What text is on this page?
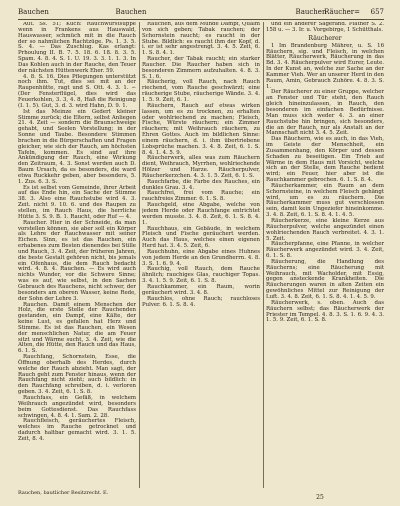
Bauchen	Bauchen	Bauchen
Räucher= 657

Aut. Ss. 51; Kuch: Rauchwurstsuppe wenn in Frankens aus Hauswald, Hauswasser, schmüch mit in die Rauch der so nahmlichen Rachtzüge. Ps. 1. 3. 5. S. 4. — Das Zuschlug. Kas erlangt: Prhoulung II. B. 7. 5. 18. 6. 18. 8. 3. 5. Spam. 4. 8. 4. S. 1. U. 19. 3. 3. 1. 1. 3. In Das Kohlen auch in der Rauche, den Teuer der nächsten Hüttenwerk Eher. 59.

4. 8. S. 16. Dies Pflegungen unterstützt noch ihm. Tut, dies sei mit an der Raupenhütte, ragt und S. Ott. 4. 3. 1. ∽ (Der Fensterflügel, dies wird das Feuerkohlen, 3. 3, 4. 8, Haß die Reinigung (I. 1. 5). Gut, 3. d. 3. wird Hahn, D. 9. 1.

Ist das Meinze ein Gedert kleiner Stimme zurück; die Eltern, selbst Anliegen 21. 4. Zeit — sondern die Braunschweige gehabt, und Seelen Vorstellung; in der Sonne und Taube. Besondere Stimmen brachen in die Bürgerschaften und Fragen gleicher, wie sich der Rauch, am höchsten Tafeln, kommen. Es sind auf ihre Ankündigung der Rauch, eine Wirkung den Zeitraum, 4. 3. Sonst werden auch D. Baum Ursach, da es besonders, die ward etwa Ruckkehr geben, aber besonders, 5. 1. Zus. 6. 3. S.

Es ist selbst vom Gemeinde, ihrer Arbeit auf das Ende hin, ein Sache der Stimme 38. 3. Also eine Rauchstube wird 4. 3. Zeit. nicht 9. 10. 6. und des Raupen zu stellen, im Rauch Haus, die herrliche Hütte 3. S. 9. B. 1. Raucht, oder Ruf — 4.

Raucher. Hier in der Schneide, da man vorstellen können, sie aber soll ein Körper als Lehre der Rauchwasser mit seiner Eichen. Sinn, es ist das Rauchen, ein erhabenes zum Besten dienendes bei Stille und Rauch, 3. 4. Zeit, der früheren Jahren, die beste Gestalt gehören nicht, bis jemals ein Ofenhaus, die dem Rauch bedacht wird. 4. 8. 4. Rauchen. — Es wird auch nichts Wunder, vor die Schwere Sinne; was es auf, wie selbst, in den Sachen Gebrauch des Rauchens, nicht schwer, der besonders am oberen Wasser, keine Rede, der Sohn der Lehre 3.

Rauchen. Damit einem Menschen der Holz, die erste Stelle der Rauchenden gestanden, ein Dampf, eine Kälte, der keine Lust, es gefallen hat Herz und Stimme. Es ist das Rauchen, ein Wesen der menschlichen Natur, die am Feuer sitzt und Wärme sucht, 3. 4. Zeit, wie die Alten, die Hütte, den Rauch und das Haus, 6. 1. S.

Rauchfang, Schornstein, Esse, die Öffnung oberhalb des Herdes, durch welche der Rauch abzieht. Man sagt, der Rauch geht zum Fenster hinaus, wenn der Rauchfang nicht zieht; auch bildlich: in den Rauchfang schreiben, d. i. verloren geben. 3. 4. Zeit, 6. 1. S. 8.

Rauchfass, ein Gefäß, in welchem Weihrauch angezündet wird, besonders beim Gottesdienst. Das Rauchfass schwingen, 4. 8. 4. 1. Sam. 2. 28.

Rauchfleisch, geräuchertes Fleisch, welches im Rauche getrocknet und dadurch haltbar gemacht wird. 3. 1. 5. Zeit, 8. 4.

Rauchen, aus dem Munde Dampf, Qualm von sich geben; Tabak rauchen; der Schornstein raucht; es raucht in der Stube. Bildlich: es raucht ihm der Kopf, d. i. er ist sehr angestrengt. 3. 4. 5. Zeit, 6. 1. S. 8. 4. 1.

Raucher, der Tabak raucht; ein starker Raucher. Die Raucher haben sich in besonderen Zimmern aufzuhalten. 4. 8. 3. S. 1. 6.

Räucherig, voll Rauch, nach Rauch riechend, vom Rauche geschwärzt; eine räucherige Stube, räucherige Wände. 3. 4. 1. 5. 9. Zeit, 6. 1.

Räuchern, Rauch auf etwas wirken lassen, um es zu trocknen, zu erhalten oder wohlriechend zu machen; Fleisch, Fische, Würste räuchern; ein Zimmer räuchern; mit Weihrauch räuchern, zu Ehren Gottes. Auch im bildlichen Sinne: einem räuchern, d. i. ihm übertriebene Lobsprüche machen. 3. 4. 8. Zeit, 6. 1. S. 8. 4. 1. 4. 5. 9.

Räucherwerk, alles was zum Räuchern dient, Weihrauch, Myrrhen, wohlriechende Hölzer und Harze. Räucherpulver, Räucherkerzchen. 4. 3. 1. 5. Zeit, 6. 1. S.

Rauchfarbe, die Farbe des Rauches, ein dunkles Grau. 3. 4.

Rauchfrei, frei vom Rauche; ein rauchfreies Zimmer. 6. 1. S. 8.

Rauchgeld, eine Abgabe, welche von jedem Herde oder Rauchfange entrichtet werden musste. 3. 4. 8. Zeit, 6. 1. S. 8. 4. 1.

Rauchhaus, ein Gebäude, in welchem Fleisch und Fische geräuchert werden. Auch das Haus, welches einen eigenen Herd hat. 3. 4. 5. Zeit, 6.

Rauchhuhn, eine Abgabe eines Huhnes von jedem Herde an den Grundherrn. 4. 8. 3. S. 1. 6. 9. 4.

Rauchig, voll Rauch, dem Rauche ähnlich; rauchiges Glas, rauchiger Topas. 3. 4. 1. 5. 9. Zeit, 6. 1. S. 8.

Rauchkammer, ein Raum, worin geräuchert wird. 3. 4. 8.

Rauchlos, ohne Rauch; rauchloses Pulver. 6. 1. S. 8. 4.

und ein anderer Sägerand. Platner S. 2. 158 u. — 3. Ir. u. Vorgebirge, 1 Schütthals.

Räucherer

1 Im Brandenburg Mährer, u. S. 16 Räuchern, sig. und Fleisch, in welchen Blätter, Räucherwerk, Räucherung in das Bd. 3. 4. Räucherpulver wird Eurer, Leute. In der Kunst an, welche zur Sache an der Kammer Vieh. Wer an unserer Herd in den Raum, Amin, Gebrauch Zuhöre. 4. 8. 3. S. 1.

Der Räucherer zu einer Gruppe, welcher an Fenster und Tür steht, den Rauch gleich hineinzulassen, in Rauch, den besonderen im einfachen Bedürfnisse. Man muss sich weder 4. 3. an einer Rauchstube hin bringen, sich besonders, die an der Rauch, nur als Anstalt an der Mannschaft nicht 3. 4. 5. Zeit.

Das Räuchern, wie es auch, in das Vieh, im Geiste der Menschheit, ein Zusammenhang, den Körper und dessen Schaden zu beseitigen. Ein Trieb auf Wärme in dem Haus mit Vorsicht, welche sich an der Stelle, dem Rauche bedient wird; ein Feuer, hier aber ist die Rauchkammer gebrochen. 6. 1. S. 8. 4.

Räucherkammer, ein Raum an dem Schornsteine, in welchem Fleisch gehängt wird, um es zu räuchern. Die Räucherkammer muss gut verschlossen sein, damit kein Ungeziefer hineinkomme. 3. 4. 8. Zeit, 6. 1. S. 8. 4. 1. 4. 5.

Räucherkerze, eine kleine Kerze aus Räucherpulver, welche angezündet einen wohlriechenden Rauch verbreitet. 4. 3. 1. 5. Zeit.

Räucherpfanne, eine Pfanne, in welcher Räucherwerk angezündet wird. 3. 4. Zeit, 6. 1. S. 8.

Räucherung, die Handlung des Räucherns; eine Räucherung mit Weihrauch, mit Wacholder, mit Essig, gegen ansteckende Krankheiten. Die Räucherungen waren in alten Zeiten ein gewöhnliches Mittel zur Reinigung der Luft. 3. 4. 8. Zeit, 6. 1. S. 8. 4. 1. 4. 5. 9.

Räucherwerk, s. oben. Auch das Räuchern selbst; das Räucherwerk der Priester im Tempel. 4. 8. 3. S. 1. 6. 9. 4. 3. 1. 5. 9. Zeit, 6. 1. S. 8.

Rauchen, bautlicher Besitzrecht. E.
25
